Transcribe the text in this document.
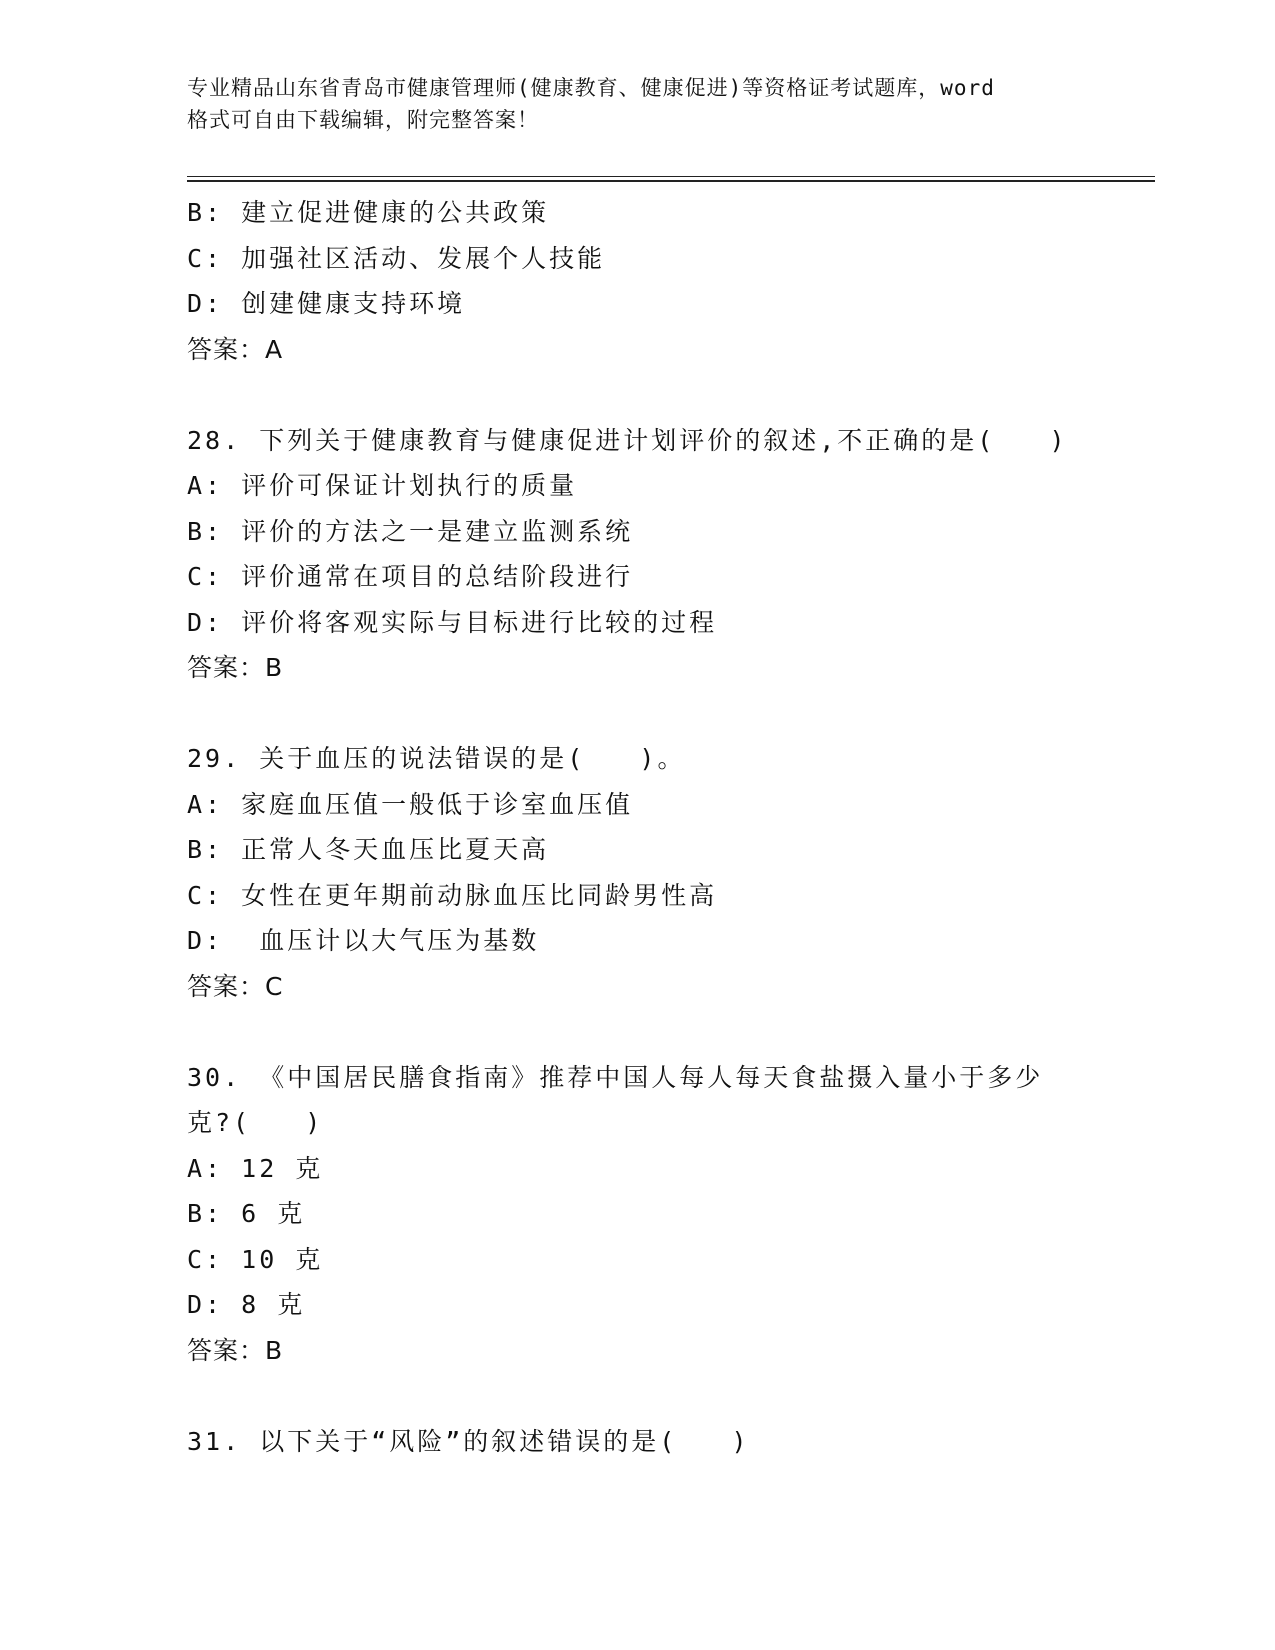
专业精品山东省青岛市健康管理师(健康教育、健康促进)等资格证考试题库，word
格式可自由下载编辑，附完整答案！

B: 建立促进健康的公共政策

C: 加强社区活动、发展个人技能

D: 创建健康支持环境

答案：A

28. 下列关于健康教育与健康促进计划评价的叙述,不正确的是(   )

A: 评价可保证计划执行的质量

B: 评价的方法之一是建立监测系统

C: 评价通常在项目的总结阶段进行

D: 评价将客观实际与目标进行比较的过程

答案：B

29. 关于血压的说法错误的是(   )。

A: 家庭血压值一般低于诊室血压值

B: 正常人冬天血压比夏天高

C: 女性在更年期前动脉血压比同龄男性高

D:  血压计以大气压为基数

答案：C

30. 《中国居民膳食指南》推荐中国人每人每天食盐摄入量小于多少

克?(   )

A: 12 克

B: 6 克

C: 10 克

D: 8 克

答案：B

31. 以下关于“风险”的叙述错误的是(   )
